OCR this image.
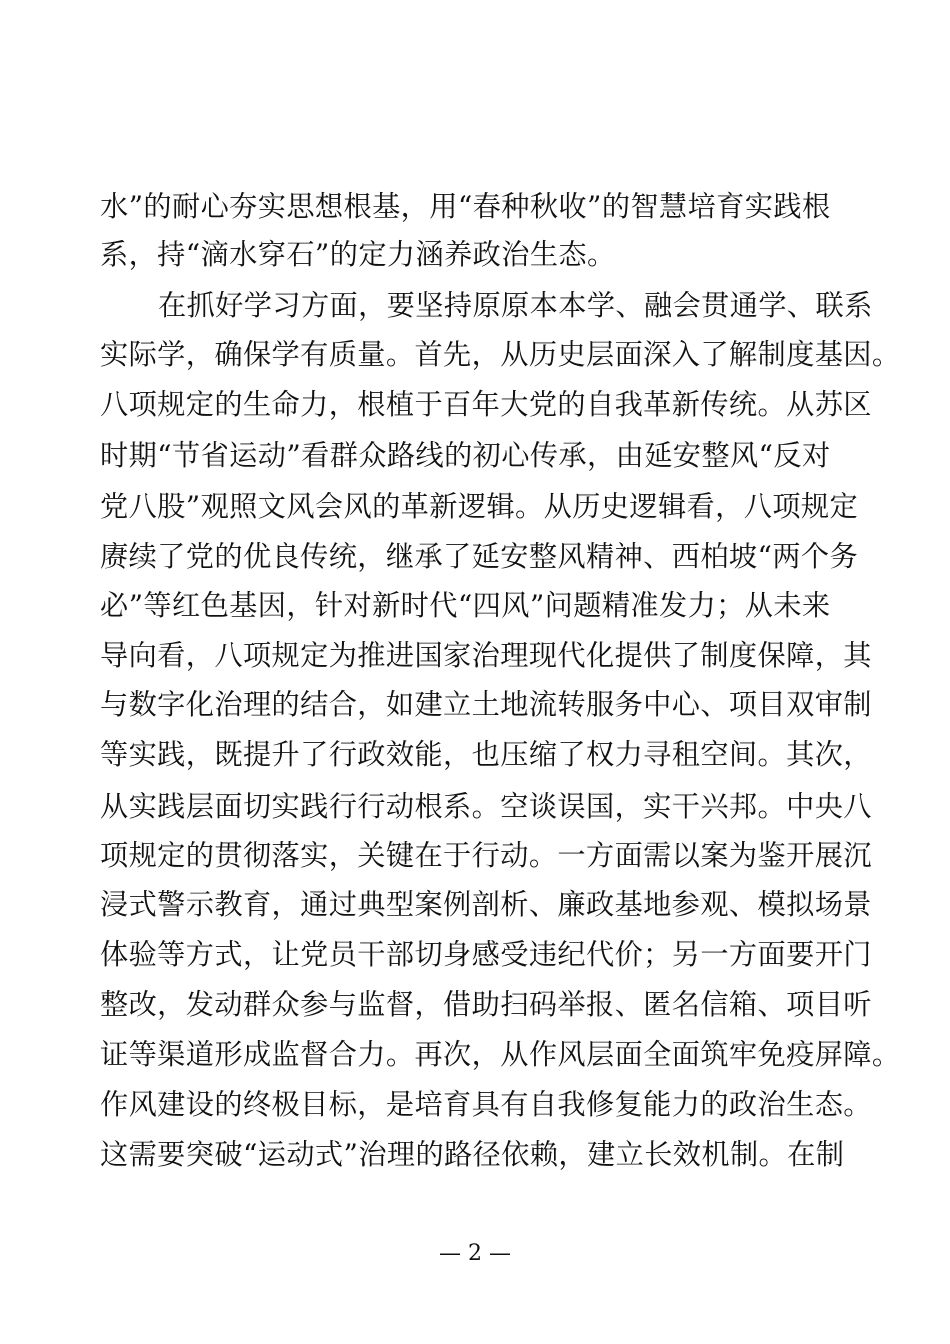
水”的耐心夯实思想根基，用“春种秋收”的智慧培育实践根
系，持“滴水穿石”的定力涵养政治生态。
在抓好学习方面，要坚持原原本本学、融会贯通学、联系
实际学，确保学有质量。首先，从历史层面深入了解制度基因。
八项规定的生命力，根植于百年大党的自我革新传统。从苏区
时期“节省运动”看群众路线的初心传承，由延安整风“反对
党八股”观照文风会风的革新逻辑。从历史逻辑看，八项规定
赓续了党的优良传统，继承了延安整风精神、西柏坡“两个务
必”等红色基因，针对新时代“四风”问题精准发力；从未来
导向看，八项规定为推进国家治理现代化提供了制度保障，其
与数字化治理的结合，如建立土地流转服务中心、项目双审制
等实践，既提升了行政效能，也压缩了权力寻租空间。其次，
从实践层面切实践行行动根系。空谈误国，实干兴邦。中央八
项规定的贯彻落实，关键在于行动。一方面需以案为鉴开展沉
浸式警示教育，通过典型案例剖析、廉政基地参观、模拟场景
体验等方式，让党员干部切身感受违纪代价；另一方面要开门
整改，发动群众参与监督，借助扫码举报、匿名信箱、项目听
证等渠道形成监督合力。再次，从作风层面全面筑牢免疫屏障。
作风建设的终极目标，是培育具有自我修复能力的政治生态。
这需要突破“运动式”治理的路径依赖，建立长效机制。在制
— 2 —
